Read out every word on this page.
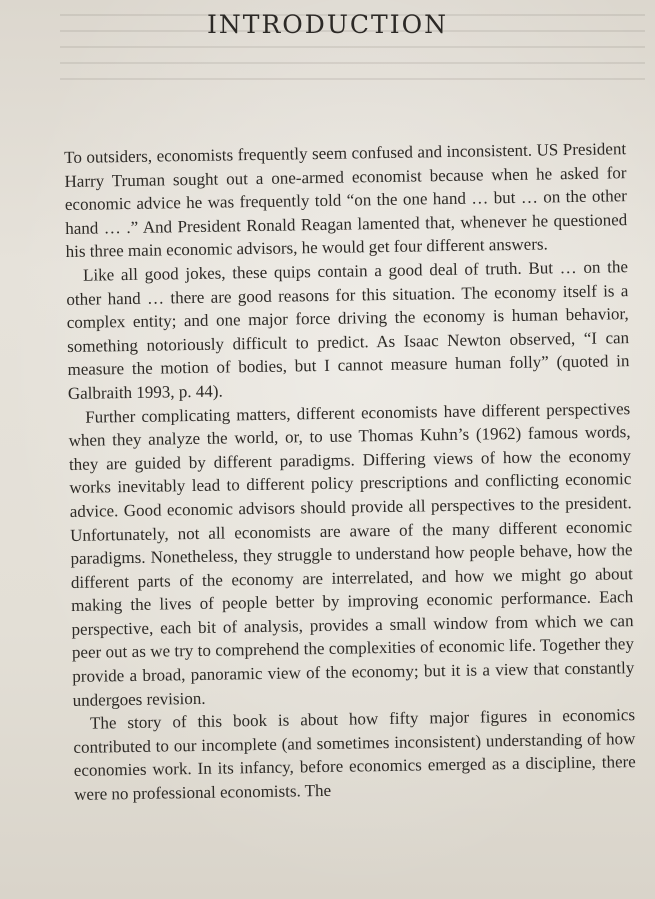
INTRODUCTION

To outsiders, economists frequently seem confused and inconsistent. US President Harry Truman sought out a one-armed economist because when he asked for economic advice he was frequently told “on the one hand … but … on the other hand … .” And President Ronald Reagan lamented that, whenever he questioned his three main economic advisors, he would get four different answers.

Like all good jokes, these quips contain a good deal of truth. But … on the other hand … there are good reasons for this situation. The economy itself is a complex entity; and one major force driving the economy is human behavior, something notoriously difficult to predict. As Isaac Newton observed, “I can measure the motion of bodies, but I cannot measure human folly” (quoted in Galbraith 1993, p. 44).

Further complicating matters, different economists have different perspectives when they analyze the world, or, to use Thomas Kuhn’s (1962) famous words, they are guided by different paradigms. Differing views of how the economy works inevitably lead to different policy prescriptions and conflicting economic advice. Good economic advisors should provide all perspectives to the president. Unfortunately, not all economists are aware of the many different economic paradigms. Nonetheless, they struggle to understand how people behave, how the different parts of the economy are interrelated, and how we might go about making the lives of people better by improving economic performance. Each perspective, each bit of analysis, provides a small window from which we can peer out as we try to comprehend the complexities of economic life. Together they provide a broad, panoramic view of the economy; but it is a view that constantly undergoes revision.

The story of this book is about how fifty major figures in economics contributed to our incomplete (and sometimes inconsistent) understanding of how economies work. In its infancy, before economics emerged as a discipline, there were no professional economists. The
